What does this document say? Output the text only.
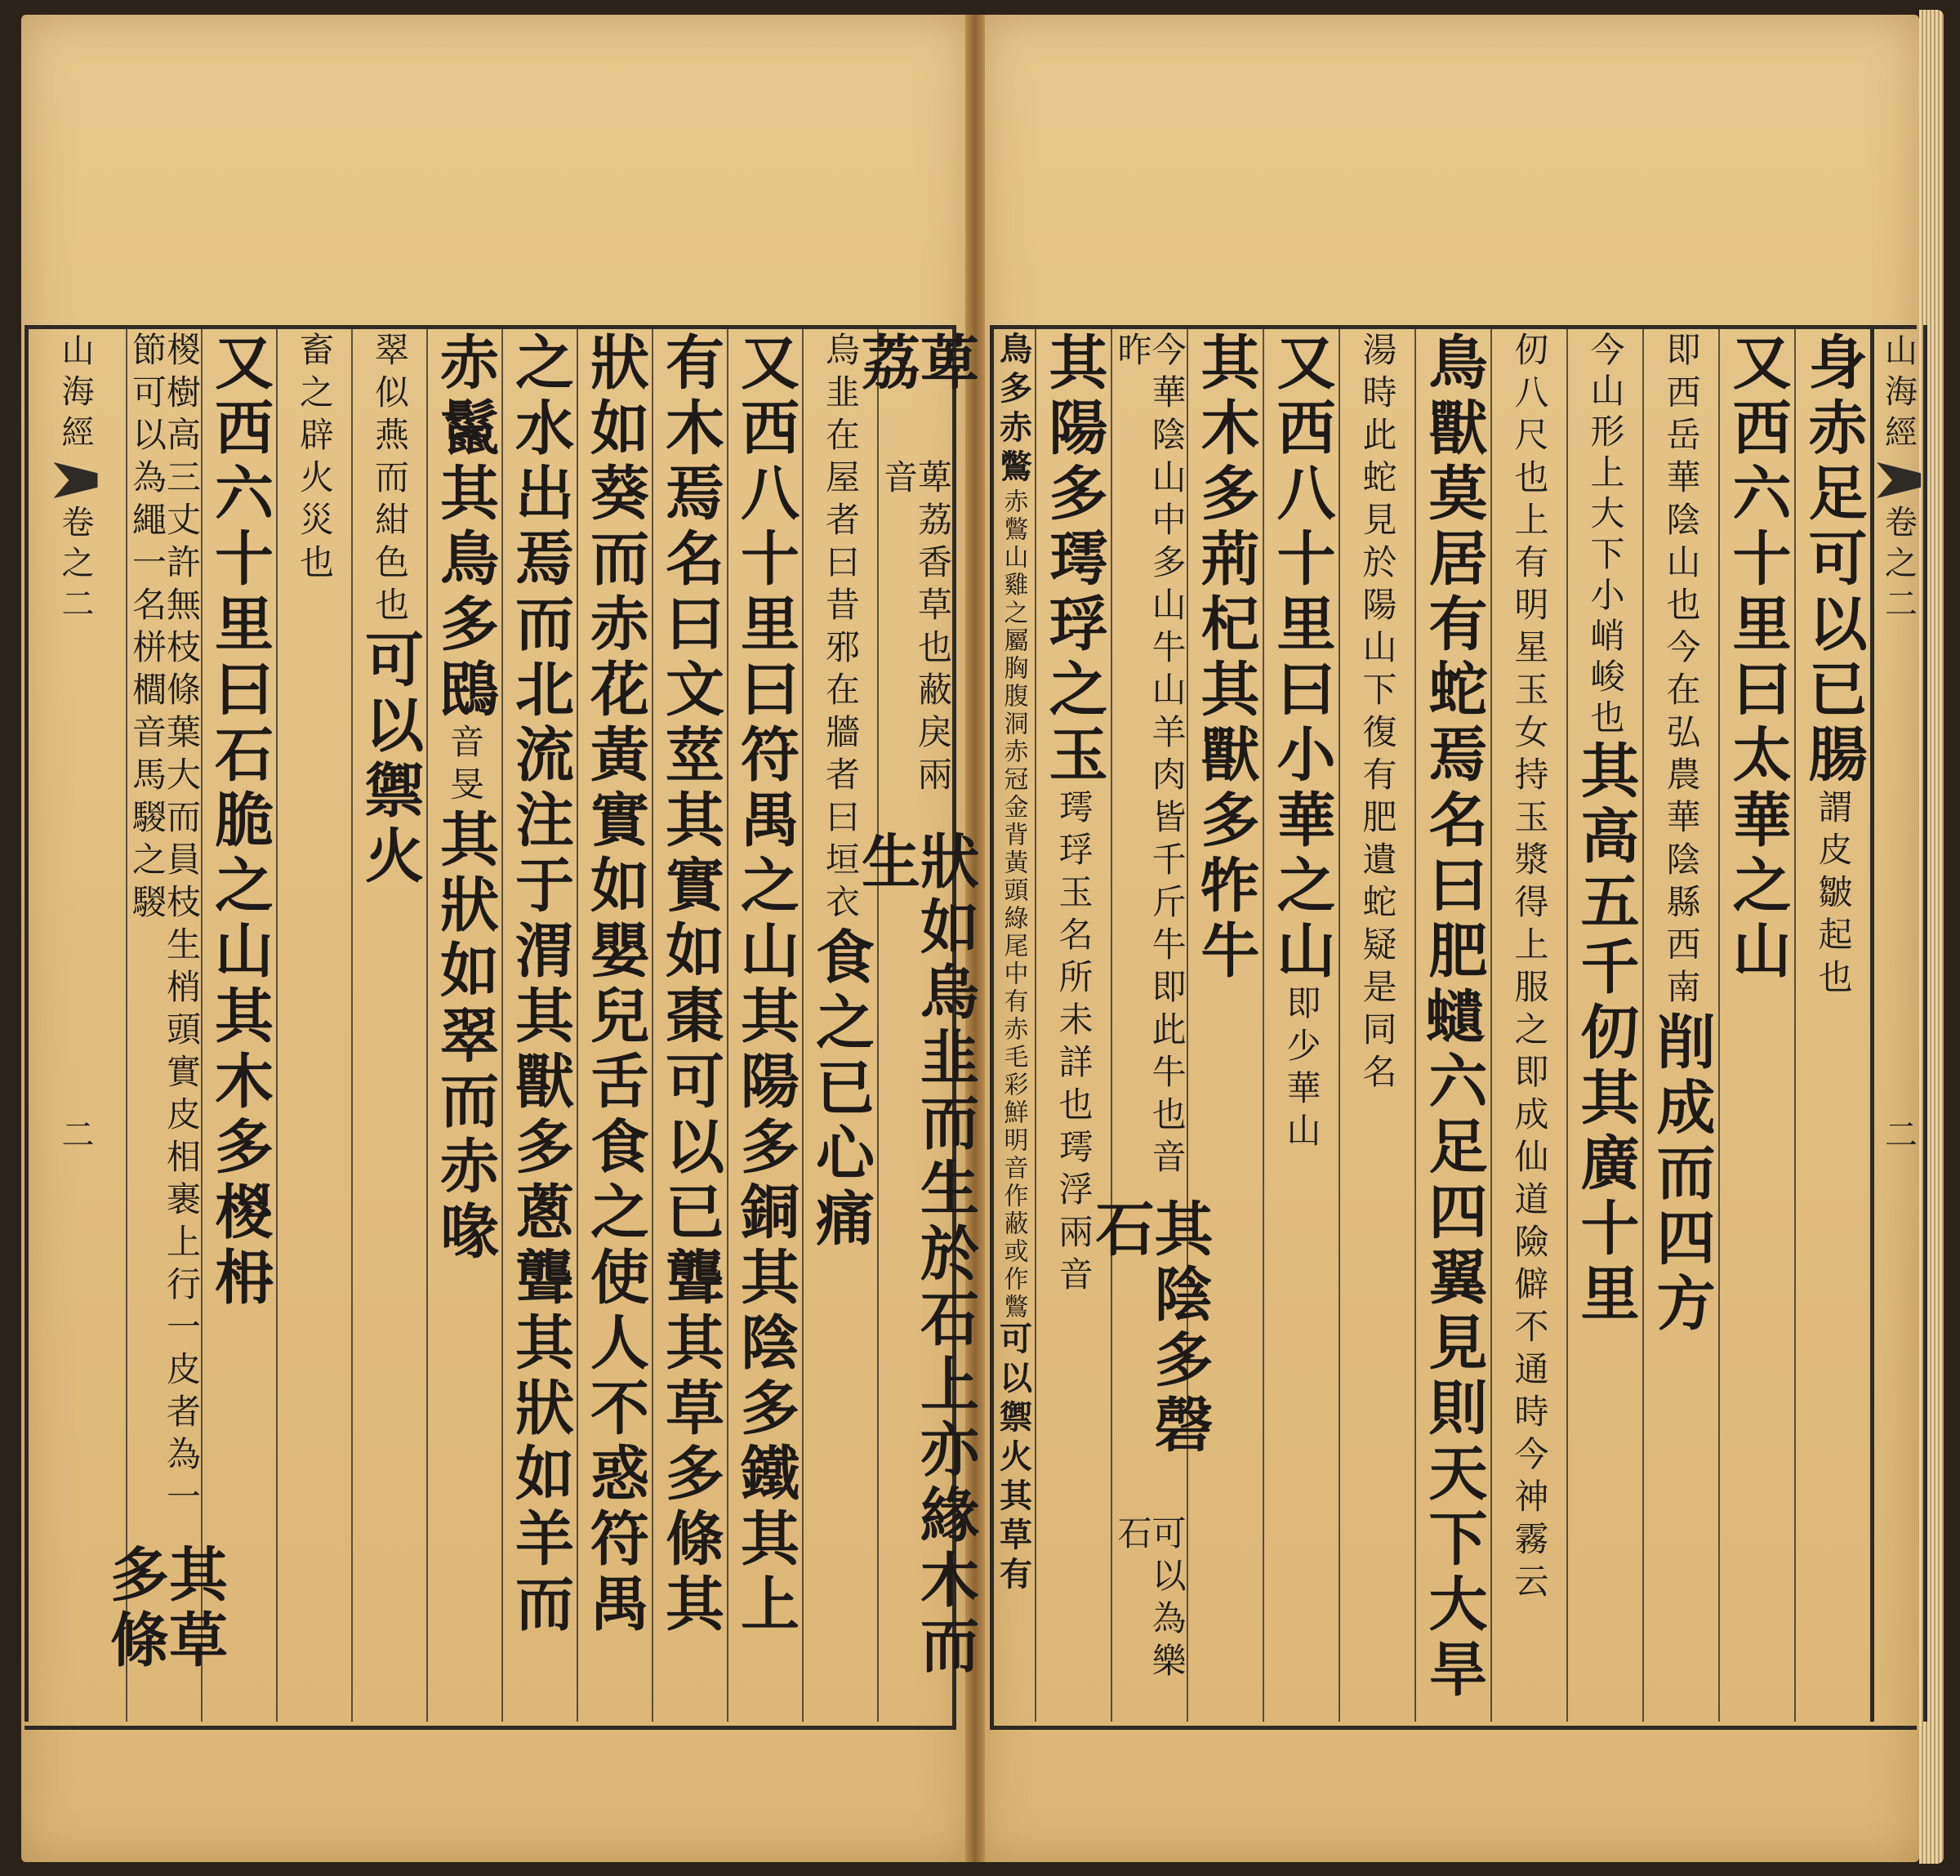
山海經
卷之二
二
身赤足可以已腸
謂皮皺起也
又西六十里曰太華之山
即西岳華陰山也今在弘農華陰縣西南
削成而四方
今山形上大下小峭峻也
其高五千仞其廣十里
仞八尺也上有明星玉女持玉漿得上服之即成仙道險僻不通時今神霧云
鳥獸莫居有蛇焉名曰肥𧔥六足四翼見則天下大旱
湯時此蛇見於陽山下復有肥遺蛇疑是同名
又西八十里曰小華之山
即少華山
其木多荊杞其獸多㸲牛
今華陰山中多山牛山羊肉皆千斤牛即此牛也音昨
其陰多磬石
可以為樂石
其陽多㻬琈之玉
㻬琈玉名所未詳也㻬浮兩音
鳥多赤鷩
赤鷩山雞之屬胸腹洞赤冠金背黃頭綠尾中有赤毛彩鮮明音作蔽或作鷩
可以禦火其草有
萆荔
萆荔香草也蔽戾兩音
狀如烏韭而生於石上亦緣木而生
烏韭在屋者曰昔邪在牆者曰垣衣
食之已心痛
又西八十里曰符禺之山其陽多銅其陰多鐵其上
有木焉名曰文莖其實如棗可以已聾其草多條其
狀如葵而赤花黃實如嬰兒舌食之使人不惑符禺
之水出焉而北流注于渭其獸多蔥聾其狀如羊而
赤鬣其鳥多鴖
音旻
其狀如翠而赤喙
翠似燕而紺色也
可以禦火
畜之辟火災也
又西六十里曰石脆之山其木多椶枏
椶樹高三丈許無枝條葉大而員枝生梢頭實皮相裹上行一皮者為一節可以為繩一名栟櫚音馬騣之騣
其草多條
山海經
卷之二
二
